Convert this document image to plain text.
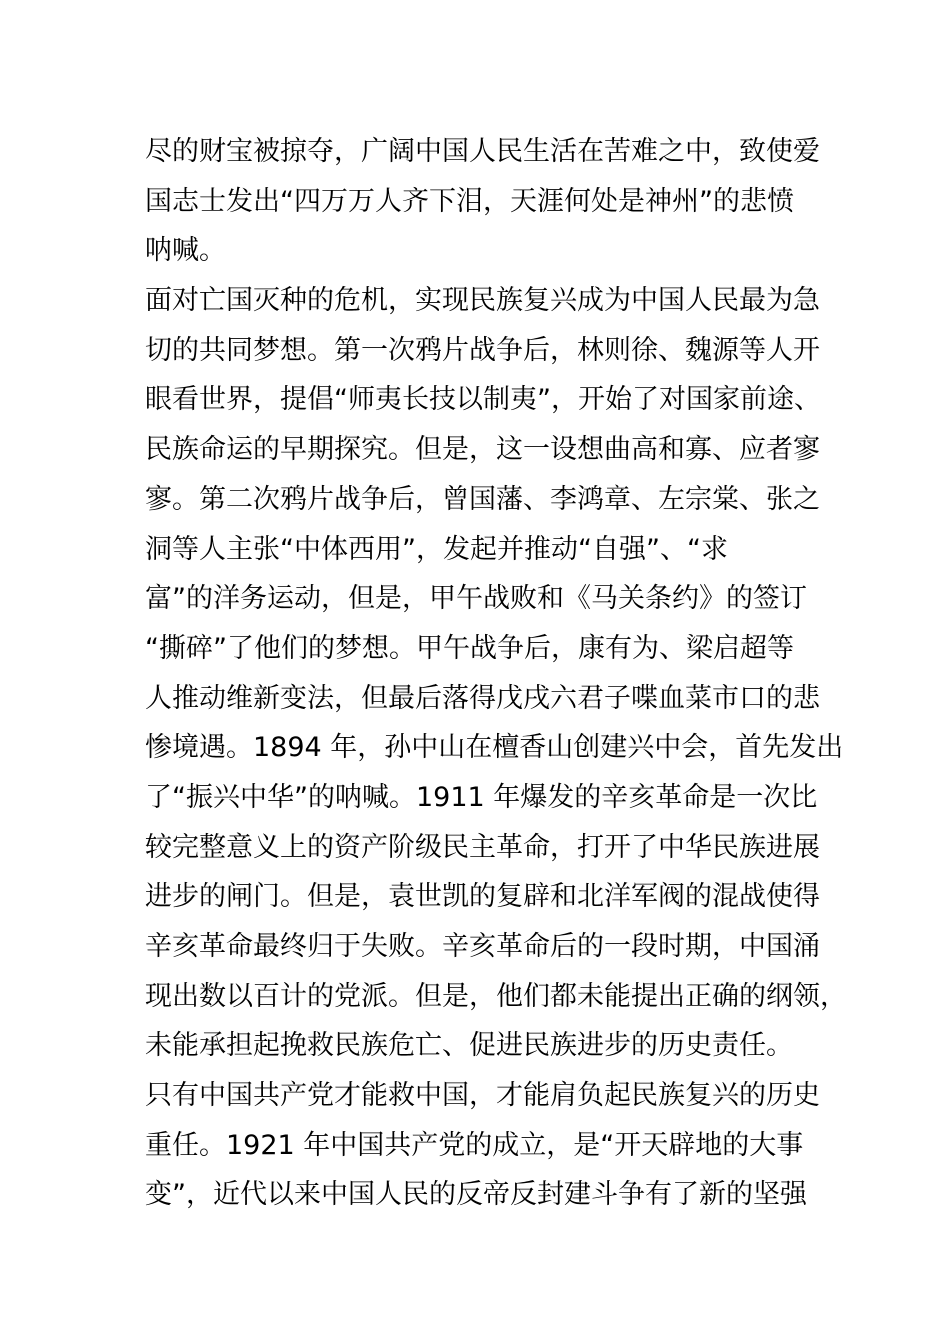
尽的财宝被掠夺，广阔中国人民生活在苦难之中，致使爱
国志士发出“四万万人齐下泪，天涯何处是神州”的悲愤
呐喊。
面对亡国灭种的危机，实现民族复兴成为中国人民最为急
切的共同梦想。第一次鸦片战争后，林则徐、魏源等人开
眼看世界，提倡“师夷长技以制夷”，开始了对国家前途、
民族命运的早期探究。但是，这一设想曲高和寡、应者寥
寥。第二次鸦片战争后，曾国藩、李鸿章、左宗棠、张之
洞等人主张“中体西用”，发起并推动“自强”、“求
富”的洋务运动，但是，甲午战败和《马关条约》的签订
“撕碎”了他们的梦想。甲午战争后，康有为、梁启超等
人推动维新变法，但最后落得戊戌六君子喋血菜市口的悲
惨境遇。1894 年，孙中山在檀香山创建兴中会，首先发出
了“振兴中华”的呐喊。1911 年爆发的辛亥革命是一次比
较完整意义上的资产阶级民主革命，打开了中华民族进展
进步的闸门。但是，袁世凯的复辟和北洋军阀的混战使得
辛亥革命最终归于失败。辛亥革命后的一段时期，中国涌
现出数以百计的党派。但是，他们都未能提出正确的纲领，
未能承担起挽救民族危亡、促进民族进步的历史责任。
只有中国共产党才能救中国，才能肩负起民族复兴的历史
重任。1921 年中国共产党的成立，是“开天辟地的大事
变”，近代以来中国人民的反帝反封建斗争有了新的坚强
